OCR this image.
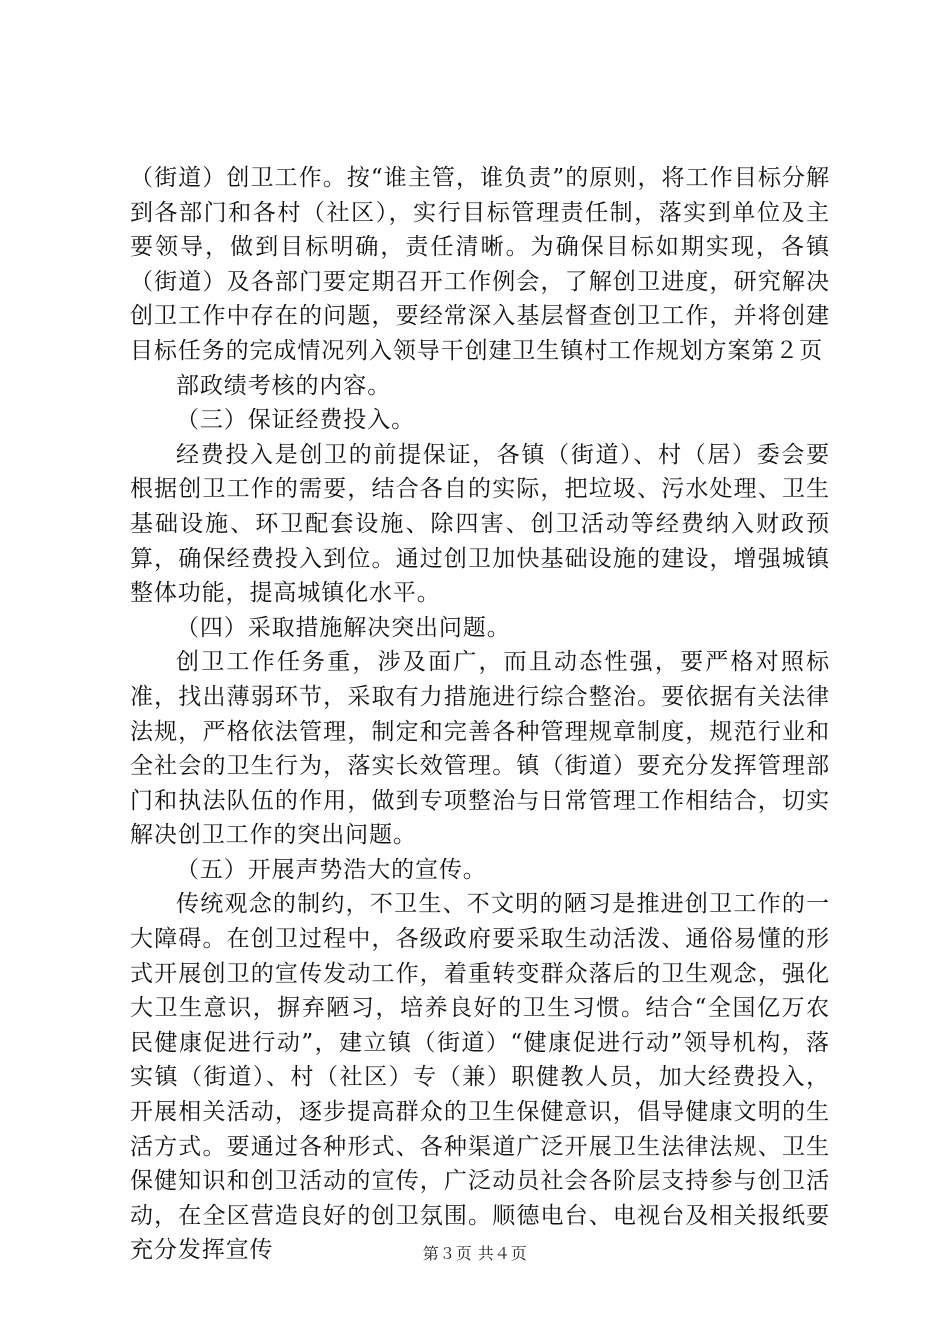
（街道）创卫工作。按“谁主管，谁负责”的原则，将工作目标分解到各部门和各村（社区），实行目标管理责任制，落实到单位及主要领导，做到目标明确，责任清晰。为确保目标如期实现，各镇（街道）及各部门要定期召开工作例会，了解创卫进度，研究解决创卫工作中存在的问题，要经常深入基层督查创卫工作，并将创建目标任务的完成情况列入领导干创建卫生镇村工作规划方案第２页

部政绩考核的内容。

（三）保证经费投入。

经费投入是创卫的前提保证，各镇（街道）、村（居）委会要根据创卫工作的需要，结合各自的实际，把垃圾、污水处理、卫生基础设施、环卫配套设施、除四害、创卫活动等经费纳入财政预算，确保经费投入到位。通过创卫加快基础设施的建设，增强城镇整体功能，提高城镇化水平。

（四）采取措施解决突出问题。

创卫工作任务重，涉及面广，而且动态性强，要严格对照标准，找出薄弱环节，采取有力措施进行综合整治。要依据有关法律法规，严格依法管理，制定和完善各种管理规章制度，规范行业和全社会的卫生行为，落实长效管理。镇（街道）要充分发挥管理部门和执法队伍的作用，做到专项整治与日常管理工作相结合，切实解决创卫工作的突出问题。

（五）开展声势浩大的宣传。

传统观念的制约，不卫生、不文明的陋习是推进创卫工作的一大障碍。在创卫过程中，各级政府要采取生动活泼、通俗易懂的形式开展创卫的宣传发动工作，着重转变群众落后的卫生观念，强化大卫生意识，摒弃陋习，培养良好的卫生习惯。结合“全国亿万农民健康促进行动”，建立镇（街道）“健康促进行动”领导机构，落实镇（街道）、村（社区）专（兼）职健教人员，加大经费投入，开展相关活动，逐步提高群众的卫生保健意识，倡导健康文明的生活方式。要通过各种形式、各种渠道广泛开展卫生法律法规、卫生保健知识和创卫活动的宣传，广泛动员社会各阶层支持参与创卫活动，在全区营造良好的创卫氛围。顺德电台、电视台及相关报纸要充分发挥宣传	第３页 共４页
